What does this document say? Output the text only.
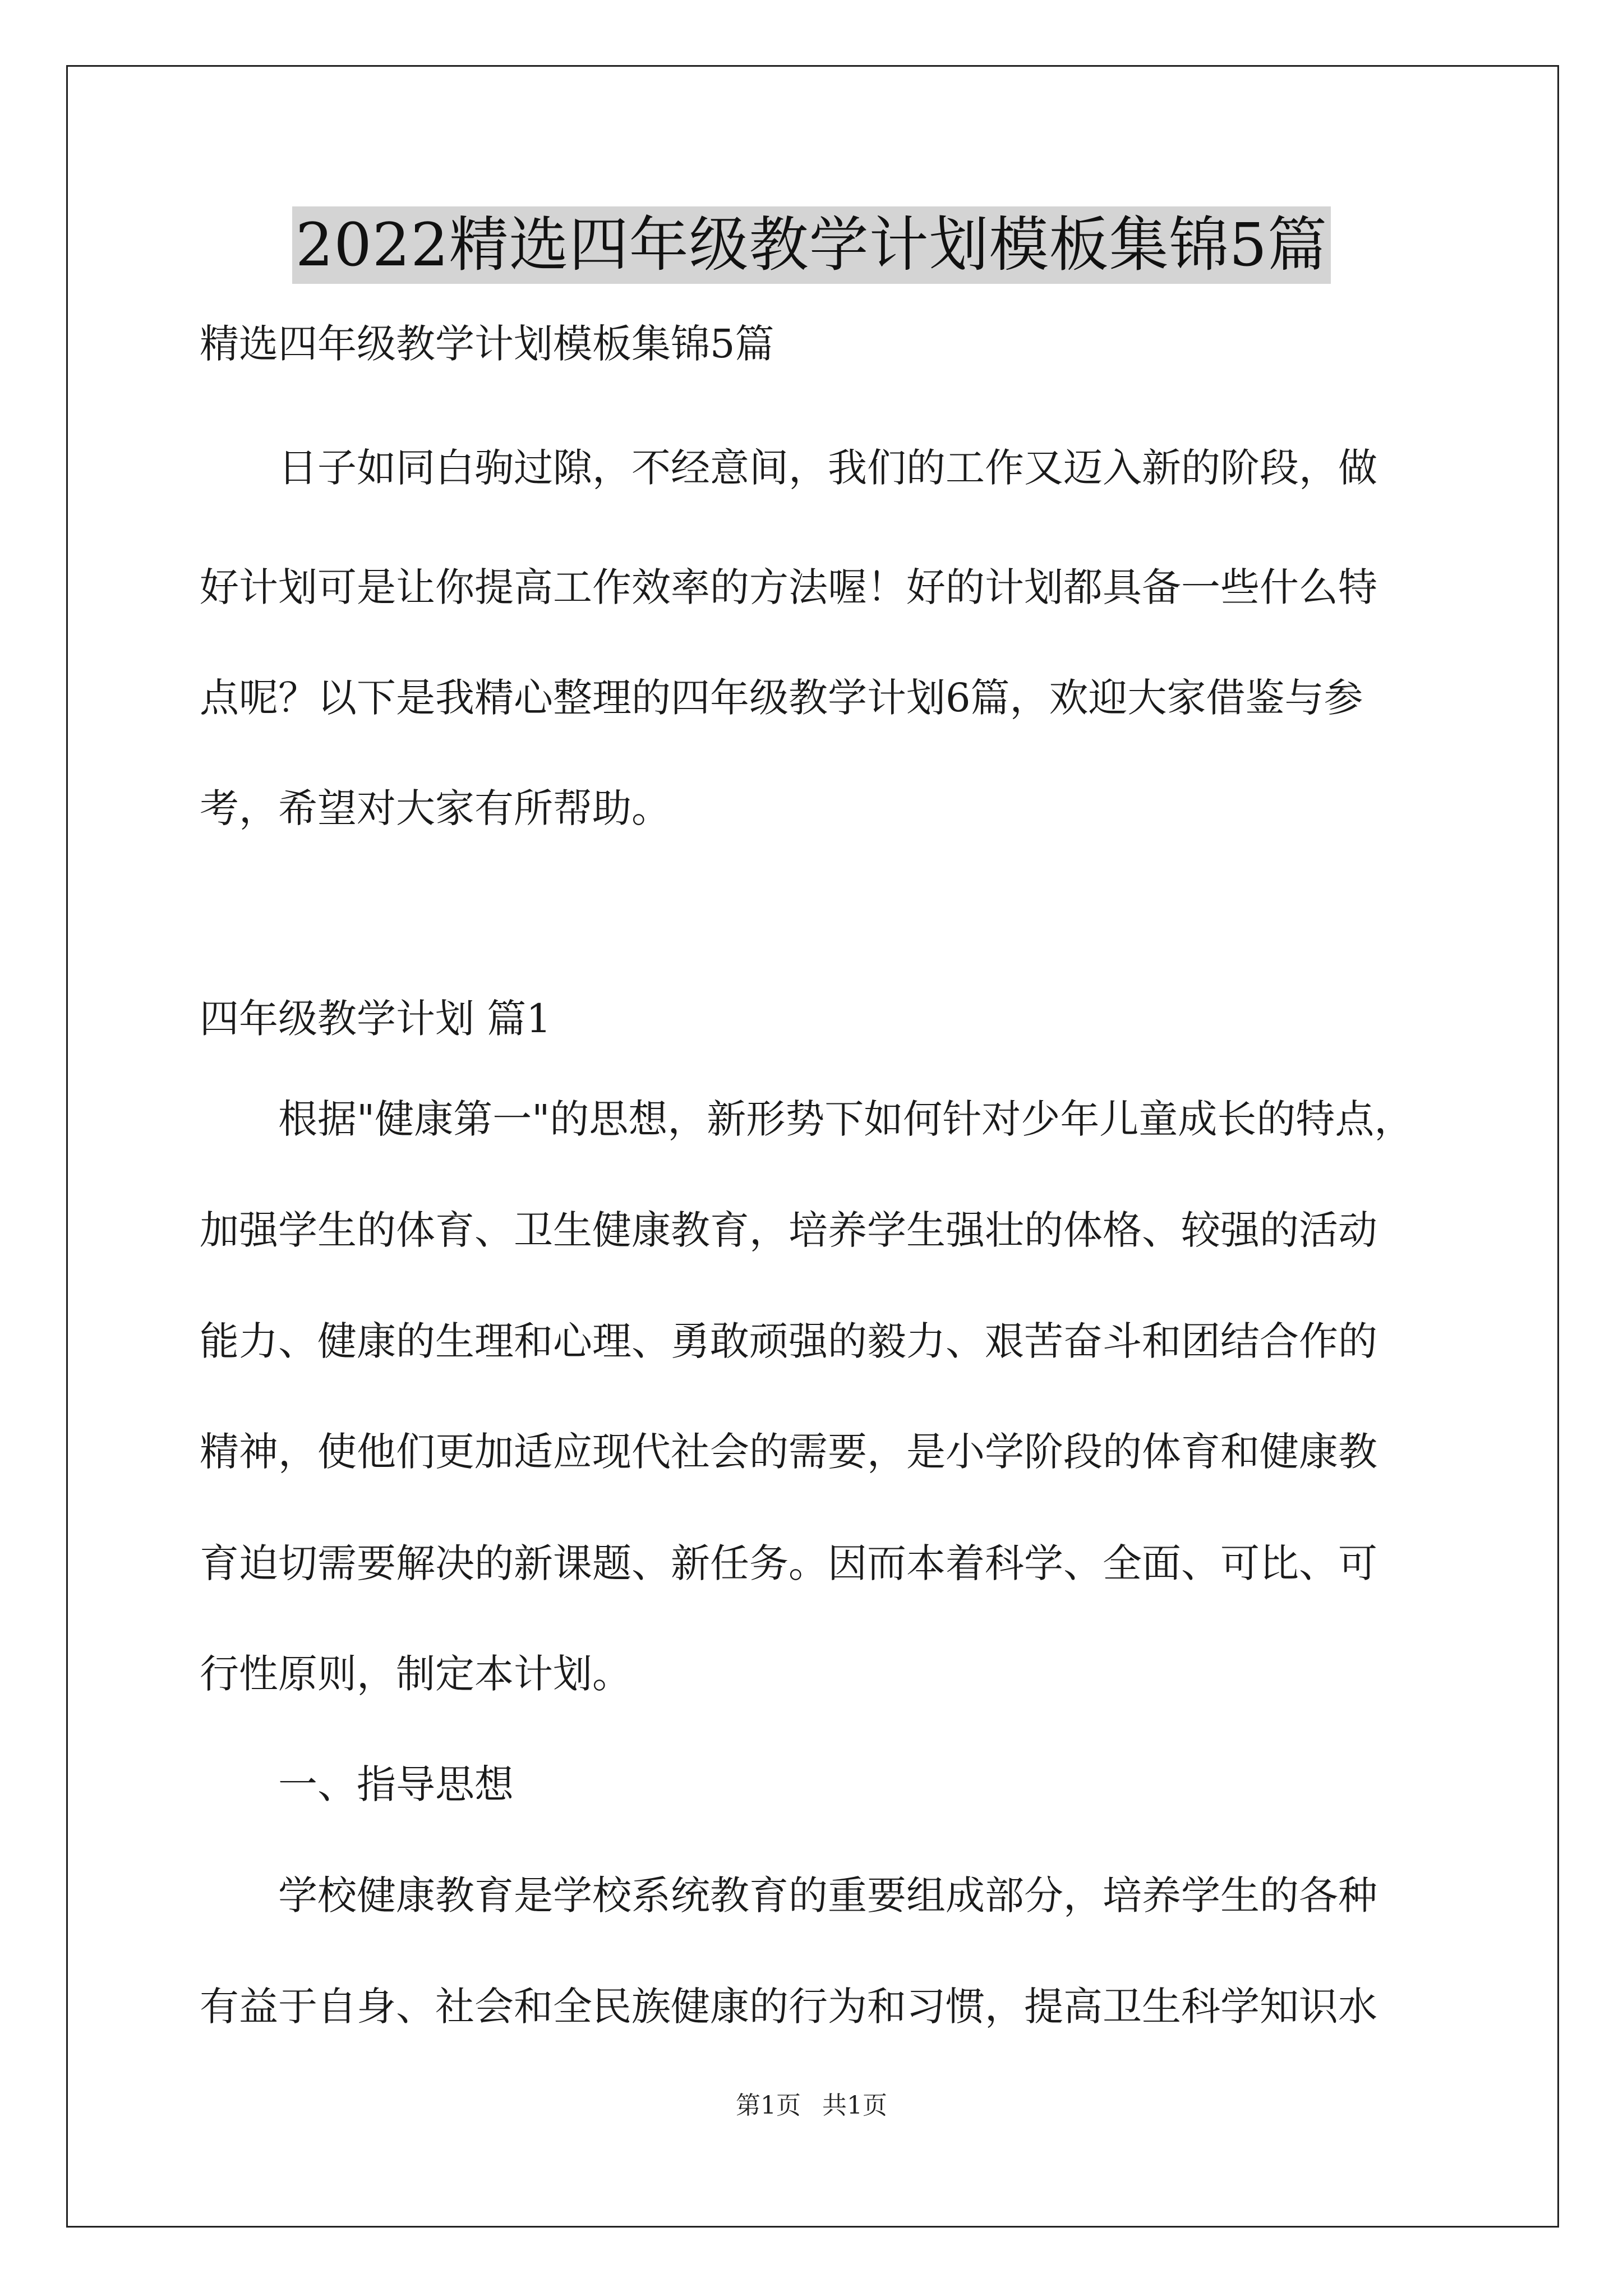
2022精选四年级教学计划模板集锦5篇
精选四年级教学计划模板集锦5篇
　　日子如同白驹过隙，不经意间，我们的工作又迈入新的阶段，做
好计划可是让你提高工作效率的方法喔！好的计划都具备一些什么特
点呢？以下是我精心整理的四年级教学计划6篇，欢迎大家借鉴与参
考，希望对大家有所帮助。
四年级教学计划 篇1
　　根据"健康第一"的思想，新形势下如何针对少年儿童成长的特点，
加强学生的体育、卫生健康教育，培养学生强壮的体格、较强的活动
能力、健康的生理和心理、勇敢顽强的毅力、艰苦奋斗和团结合作的
精神，使他们更加适应现代社会的需要，是小学阶段的体育和健康教
育迫切需要解决的新课题、新任务。因而本着科学、全面、可比、可
行性原则，制定本计划。
　　一、指导思想
　　学校健康教育是学校系统教育的重要组成部分，培养学生的各种
有益于自身、社会和全民族健康的行为和习惯，提高卫生科学知识水
第1页 共1页
